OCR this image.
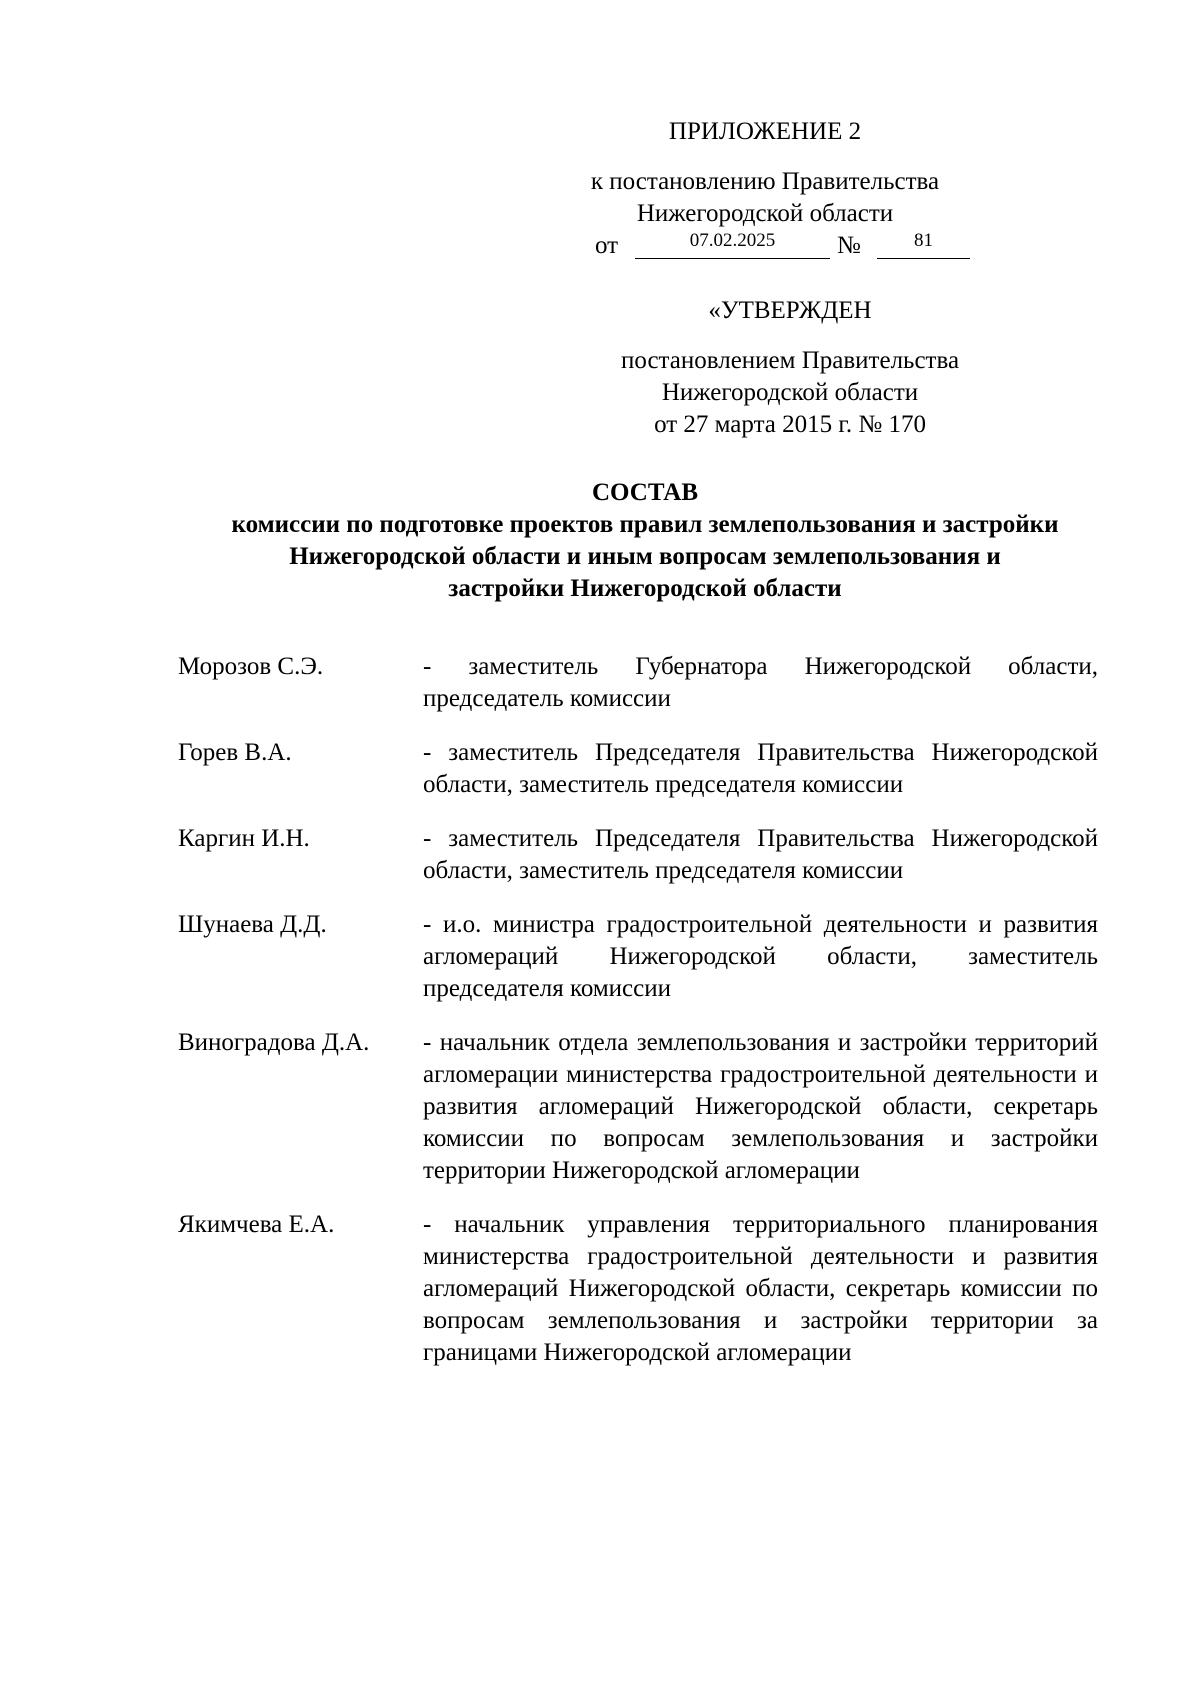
ПРИЛОЖЕНИЕ 2
к постановлению Правительства
Нижегородской области
от	07.02.2025	№	81
«УТВЕРЖДЕН
постановлением Правительства
Нижегородской области
от 27 марта 2015 г. № 170
СОСТАВ
комиссии по подготовке проектов правил землепользования и застройки
Нижегородской области и иным вопросам землепользования и
застройки Нижегородской области
Морозов С.Э.	- заместитель Губернатора Нижегородской области, председатель комиссии
Горев В.А.	- заместитель Председателя Правительства Нижегородской области, заместитель председателя комиссии
Каргин И.Н.	- заместитель Председателя Правительства Нижегородской области, заместитель председателя комиссии
Шунаева Д.Д.	- и.о. министра градостроительной деятельности и развития агломераций Нижегородской области, заместитель председателя комиссии
Виноградова Д.А.	- начальник отдела землепользования и застройки территорий агломерации министерства градостроительной деятельности и развития агломераций Нижегородской области, секретарь комиссии по вопросам землепользования и застройки территории Нижегородской агломерации
Якимчева Е.А.	- начальник управления территориального планирования министерства градостроительной деятельности и развития агломераций Нижегородской области, секретарь комиссии по вопросам землепользования и застройки территории за границами Нижегородской агломерации
